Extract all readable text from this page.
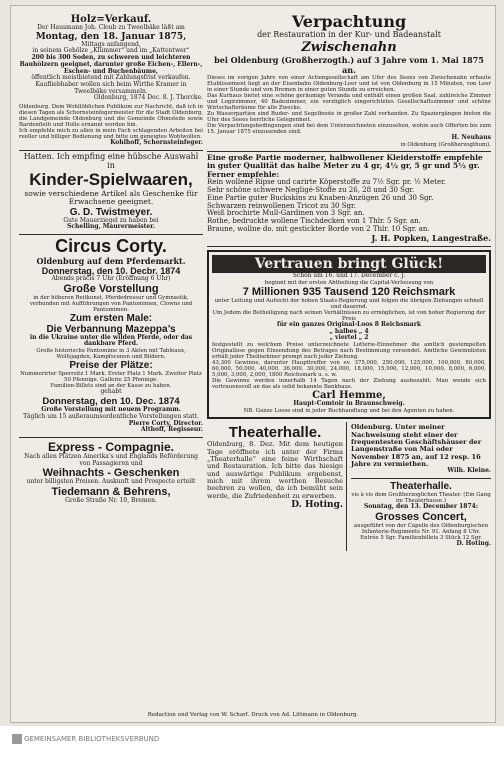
Holz=Verkauf.
Der Hausmann Joh. Cloub zu Tweelbäke läßt am
Montag, den 18. Januar 1875,
Mittags anfangend,
in seinem Gehölze „Klümmer“ und im „Kattentwer“
200 bis 300 Soden, zu schweren und leichteren Bauhölzern geeignet, darunter große Eichen-, Ellern-, Eschen- und Buchenbäume,
öffentlich meistbietend mit Zahlungsfrist verkaufen.
Kaufliebhaber wollen sich beim Wirthe Kramer in Tweelbäke versammeln.
Oldenburg, 1874 Dec. 8. J. Thorcke.
Oldenburg. Dem Wohllöblichen Publikum zur Nachricht, daß ich in diesen Tagen als Schornsteinfegermeister für die Stadt Oldenburg, die Landgemeinde Oldenburg und die Gemeinde Ohmstede sowie Bardenfleth und Holle ernannt worden bin.
Ich empfehle mich zu allen in mein Fach schlagenden Arbeiten bei reeller und billiger Bedienung und bitte um geneigtes Wohlwollen.
Kohlhoff, Schornsteinfeger.
Hatten. Ich empfing eine hübsche Auswahl in
Kinder-Spielwaaren,
sowie verschiedene Artikel als Geschenke für Erwachsene geeignet.
G. D. Twistmeyer.
Gute Mauerziegel zu haben bei
Schelling, Maurermeister.
Circus Corty.
Oldenburg auf dem Pferdemarkt.
Donnerstag, den 10. Decbr. 1874
Abends präcis 7 Uhr (Eröffnung 6 Uhr)
Große Vorstellung
in der höheren Reitkunst, Pferdedressur und Gymnastik, verbunden mit Aufführungen von Pantomimen, Clowns und Pantomimen.
Zum ersten Male:
Die Verbannung Mazeppa’s
in die Ukraine unter die wilden Pferde, oder das dankbare Pferd.
Große historische Pantomime in 3 Akten mit Tableaux, Wolfsjagden, Kampfscenen und Bildern.
Preise der Plätze:
Nummerirter Sperrsitz 1 Mark. Erster Platz 1 Mark. Zweiter Platz 50 Pfennige. Gallerie 25 Pfennige.
Familien-Billets sind an der Kasse zu haben.
gehabt
Donnerstag, den 10. Dec. 1874
Große Vorstellung mit neuem Programm.
Täglich um 15 außeraumsordentliche Vorstellungen statt.
Pierre Corty, Director.
Althoff, Regisseur.
Express - Compagnie.
Nach allen Plätzen Amerika’s und Englands Beförderung von Passagieren und
Weihnachts - Geschenken
unter billigsten Preisen. Auskunft und Prospecte erteilt
Tiedemann & Behrens,
Große Straße Nr. 10, Bremen.
Verpachtung
der Restauration in der Kur- und Badeanstalt
Zwischenahn
bei Oldenburg (Großherzogth.) auf 3 Jahre vom 1. Mai 1875 an.
Dieses im vorigen Jahre von einer Actiengesellschaft am Ufer des Seees von Zwischenahn erbaute Etablissement liegt an der Eisenbahn Oldenburg-Leer und ist von Oldenburg in 15 Minuten, von Leer in einer Stunde und von Bremen in einer guten Stunde zu erreichen.
Das Kurhaus bietet eine schöne geräumige Veranda und enthält einen großen Saal, zahlreiche Zimmer und Logirzimmer, 40 Badezimmer, ein vorzüglich eingerichtetes Gesellschaftszimmer und schöne Wirtschaftsräume für alle Zwecke.
Zu Wasserpartien sind Ruder- und Segelboote in großer Zahl vorhanden. Zu Spaziergängen bieten die Ufer des Seees herrliche Gelegenheit.
Die Verpachtungsbedingungen sind bei dem Unterzeichneten einzusehen, wohin auch Offerten bis zum 15. Januar 1875 einzusenden sind.
H. Neuhaus
in Oldenburg (Großherzogthum).
Eine große Partie moderner, halbwollener Kleiderstoffe empfehle in guter Qualität das halbe Meter zu 4 gr, 4½ gr, 5 gr und 5½ gr.
Ferner empfehle:
Rein wollene Ripse und carirte Köperstoffe zu 7½ Sgr. pr. ½ Meter.
Sehr schöne schwere Negligé-Stoffe zu 26, 28 und 30 Sgr.
Eine Partie guter Buckskins zu Knaben-Anzügen 26 und 30 Sgr.
Schwarzen reinwollenen Tricot zu 30 Sgr.
Weiß brochirte Mull-Gardinen von 3 Sgr. an.
Rothe, bedruckte wollene Tischdecken von 1 Thlr. 5 Sgr. an.
Braune, wollne do. mit gestickter Borde von 2 Thlr. 10 Sgr. an.
J. H. Popken, Langestraße.
Vertrauen bringt Glück!
Schon am 16. und 17. December c. J.
beginnt mit der ersten Abtheilung die Capital-Verloosung von
7 Millionen 935 Tausend 120 Reichsmark
unter Leitung und Aufsicht der hohen Staats-Regierung und folgen die übrigen Ziehungen schnell und dauernd.
Um Jedem die Betheiligung nach seinen Verhältnissen zu ermöglichen, ist von hoher Regierung der Preis
für ein ganzes Original-Loos 8 Reichsmark
„ halbes „ 4
„ viertel „ 2
festgestellt zu welchem Preise unterzeichnete Lotterie-Einnehmer die amtlich gestempelten Originallose gegen Einsendung des Betrages nach Bestimmung versendet. Amtliche Gewinnlisten erhält jeder Theilnehmer prompt nach jeder Ziehung.
43,300 Gewinne, darunter Haupttreffer von ev. 375,000, 250,000, 125,000, 100,000, 80,000, 60,000, 50,000, 40,000, 36,000, 30,000, 24,000, 18,000, 15,000, 12,000, 10,000, 8,000, 6,000, 5,000, 3,000, 2,000, 1800 Reichsmark u. s. w.
Die Gewinne werden innerhalb 14 Tagen nach der Ziehung ausbezahlt. Man wende sich vertrauensvoll an das als solid bekannte Bankhaus.
Carl Hemme,
Haupt-Comtoir in Braunschweig.
NB. Ganze Loose sind in jeder Buchhandlung und bei den Agenten zu haben.
Theaterhalle.
Oldenburg, 8. Dez. Mit dem heutigen Tage eröffnete ich unter der Firma „Theaterhalle“ eine feine Wirthschaft und Restauration. Ich bitte das hiesige und auswärtige Publikum ergebenst, mich mit ihrem werthen Besuche beehren zu wollen, da ich bemüht sein werde, die Zufriedenheit zu erwerben.
D. Hoting.
Oldenburg. Unter meiner Nachweisung steht einer der frequentesten Geschäftshäuser der Langenstraße von Mai oder November 1875 an, auf 12 resp. 16 Jahre zu vermiethen.
Wilh. Kleine.
Theaterhalle.
vis à vis dem Großherzoglichen Theater. (Ein Gang im Theaterhause.)
Sonntag, den 13. December 1874:
Grosses Concert,
ausgeführt von der Capelle des Oldenburgischen Infanterie-Regiments Nr. 91. Anfang 8 Uhr.
Entrée 5 Sgr. Familienbillets 3 Stück 12 Sgr.
D. Hoting.
Redaction und Verlag von W. Scharf. Druck von Ad. Littmann in Oldenburg.
GEMEINSAMER BIBLIOTHEKSVERBUND
